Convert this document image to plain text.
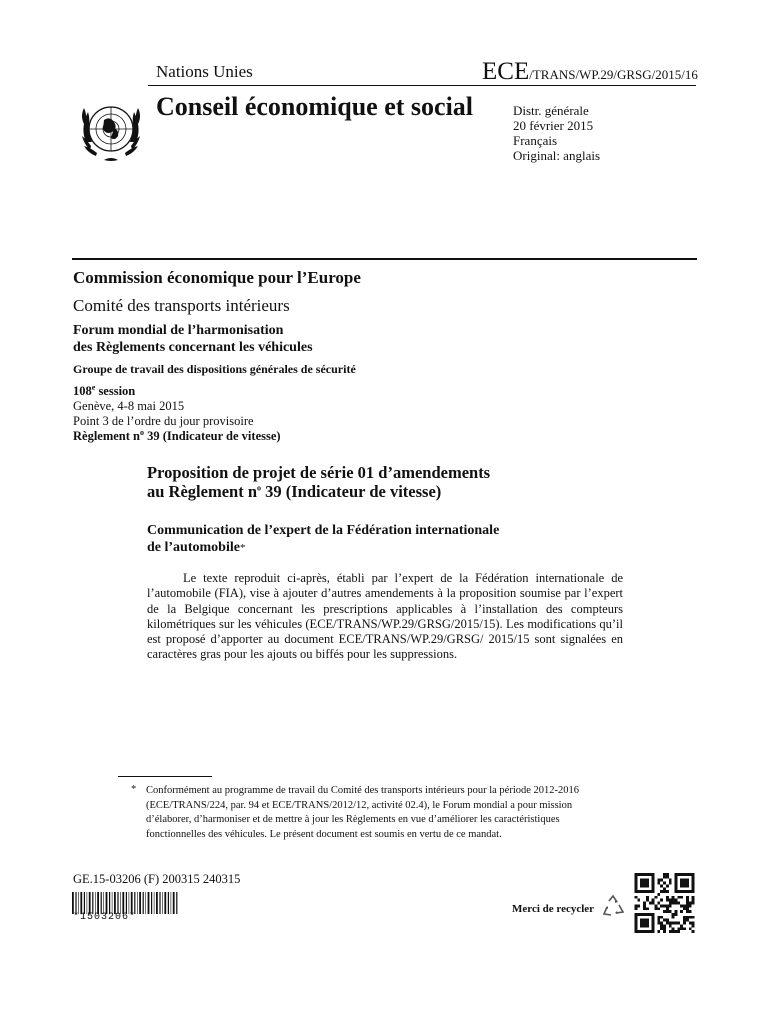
Nations Unies
Conseil économique et social
ECE/TRANS/WP.29/GRSG/2015/16
Distr. générale
20 février 2015
Français
Original: anglais
Commission économique pour l’Europe
Comité des transports intérieurs
Forum mondial de l’harmonisation
des Règlements concernant les véhicules
Groupe de travail des dispositions générales de sécurité
108e session
Genève, 4-8 mai 2015
Point 3 de l’ordre du jour provisoire
Règlement $n^o$ 39 (Indicateur de vitesse)
Proposition de projet de série 01 d’amendements
au Règlement $n^o$ 39 (Indicateur de vitesse)
Communication de l’expert de la Fédération internationale
de l’automobile*
Le texte reproduit ci-après, établi par l’expert de la Fédération internationale de l’automobile (FIA), vise à ajouter d’autres amendements à la proposition soumise par l’expert de la Belgique concernant les prescriptions applicables à l’installation des compteurs kilométriques sur les véhicules (ECE/TRANS/WP.29/GRSG/2015/15). Les modifications qu’il est proposé d’apporter au document ECE/TRANS/WP.29/GRSG/ 2015/15 sont signalées en caractères gras pour les ajouts ou biffés pour les suppressions.
* Conformément au programme de travail du Comité des transports intérieurs pour la période 2012-2016 (ECE/TRANS/224, par. 94 et ECE/TRANS/2012/12, activité 02.4), le Forum mondial a pour mission d’élaborer, d’harmoniser et de mettre à jour les Règlements en vue d’améliorer les caractéristiques fonctionnelles des véhicules. Le présent document est soumis en vertu de ce mandat.
GE.15-03206 (F) 200315 240315
*1503206*
Merci de recycler
